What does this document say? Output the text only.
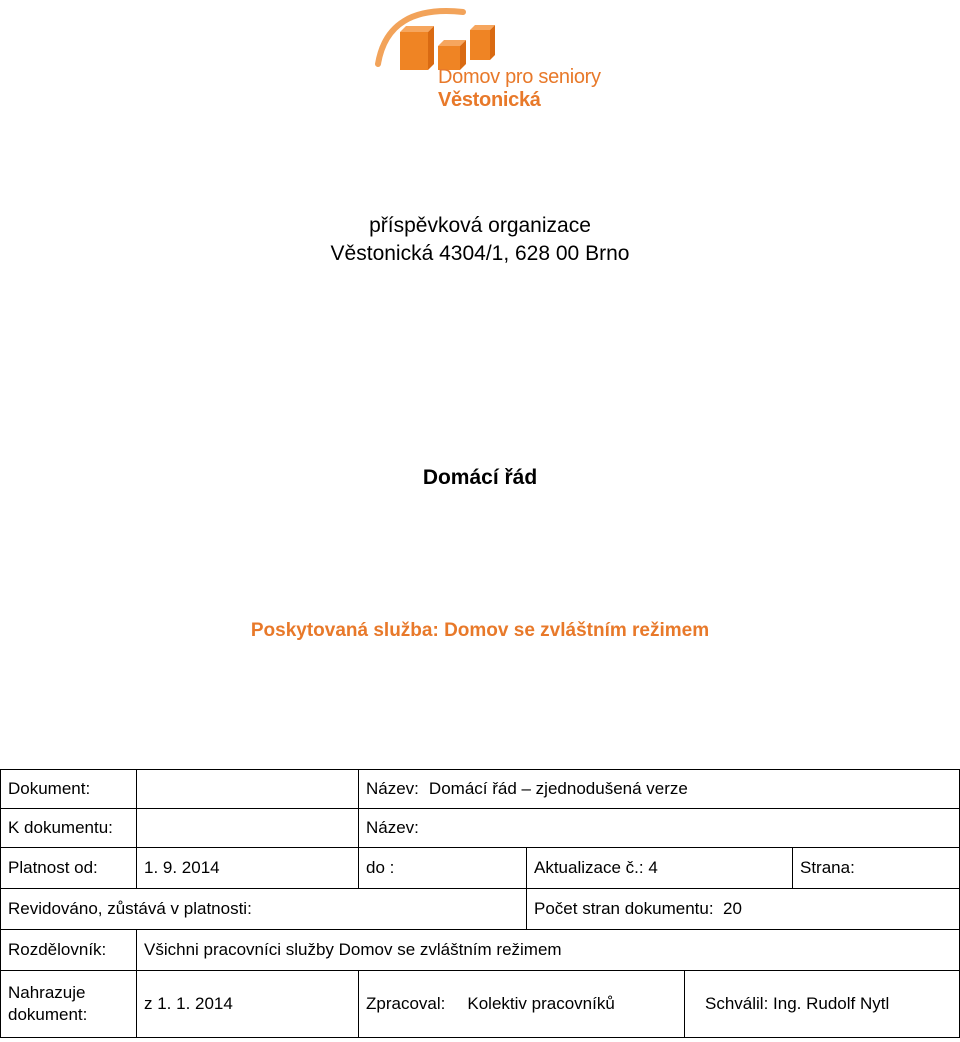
Domov pro seniory
Věstonická
příspěvková organizace
Věstonická 4304/1, 628 00 Brno
Domácí řád
Poskytovaná služba: Domov se zvláštním režimem
Dokument:		Název: Domácí řád – zjednodušená verze			
K dokumentu:		Název:			
Platnost od:	1. 9. 2014	do :	Aktualizace č.: 4		Strana:
Revidováno, zůstává v platnosti:			Počet stran dokumentu: 20		
Rozdělovník:	Všichni pracovníci služby Domov se zvláštním režimem				
Nahrazuje
dokument:	z 1. 1. 2014	Zpracoval: Kolektiv pracovníků		Schválil: Ing. Rudolf Nytl	
